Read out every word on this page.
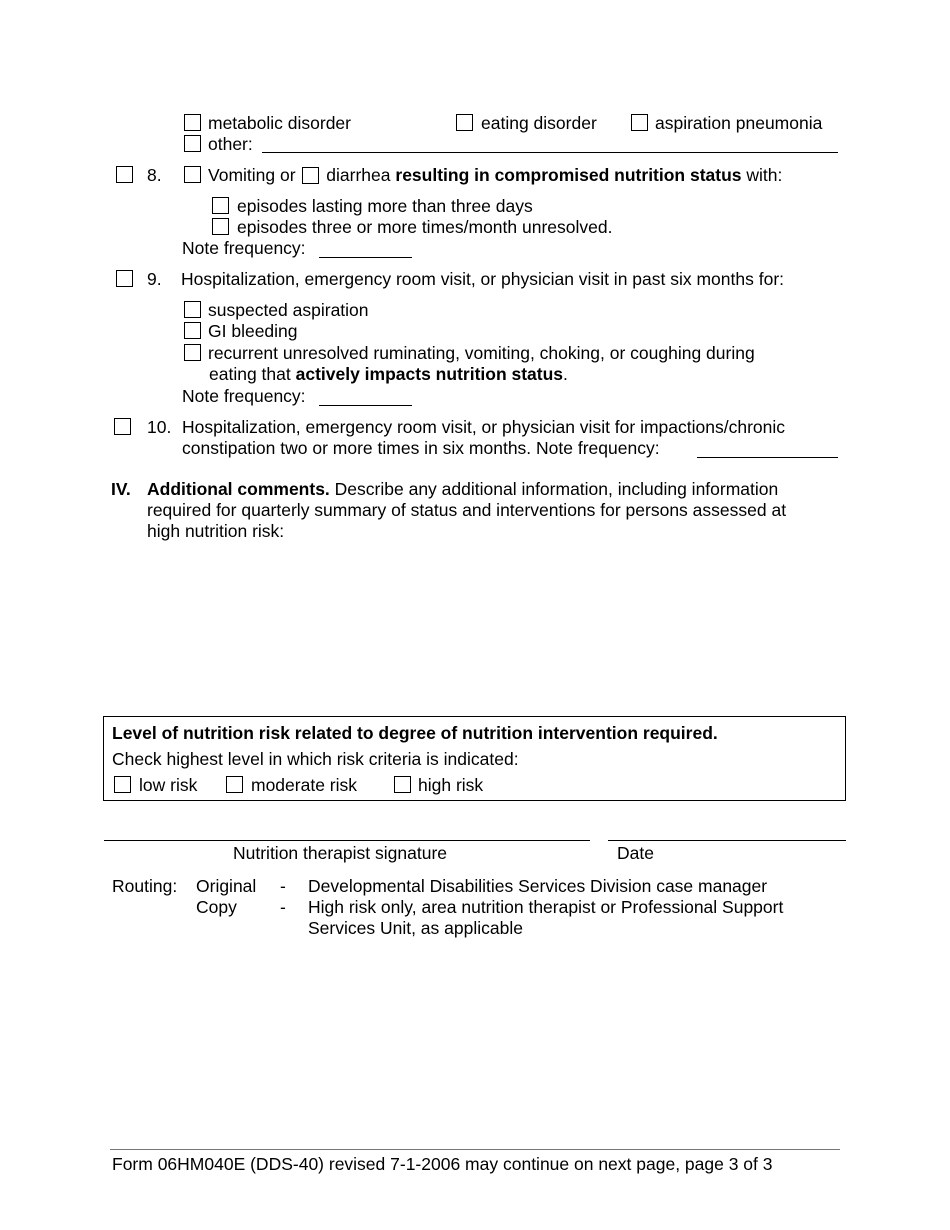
metabolic disorder	eating disorder	aspiration pneumonia
other:
8.	Vomiting or diarrhea resulting in compromised nutrition status with:
episodes lasting more than three days
episodes three or more times/month unresolved.
Note frequency:
9. Hospitalization, emergency room visit, or physician visit in past six months for:
suspected aspiration
GI bleeding
recurrent unresolved ruminating, vomiting, choking, or coughing during
eating that actively impacts nutrition status.
Note frequency:
10. Hospitalization, emergency room visit, or physician visit for impactions/chronic
constipation two or more times in six months. Note frequency:
IV. Additional comments. Describe any additional information, including information
required for quarterly summary of status and interventions for persons assessed at
high nutrition risk:
Level of nutrition risk related to degree of nutrition intervention required.
Check highest level in which risk criteria is indicated:
low risk	moderate risk	high risk
Nutrition therapist signature	Date
Routing: Original - Developmental Disabilities Services Division case manager
Copy - High risk only, area nutrition therapist or Professional Support
Services Unit, as applicable
Form 06HM040E (DDS-40) revised 7-1-2006 may continue on next page, page 3 of 3
